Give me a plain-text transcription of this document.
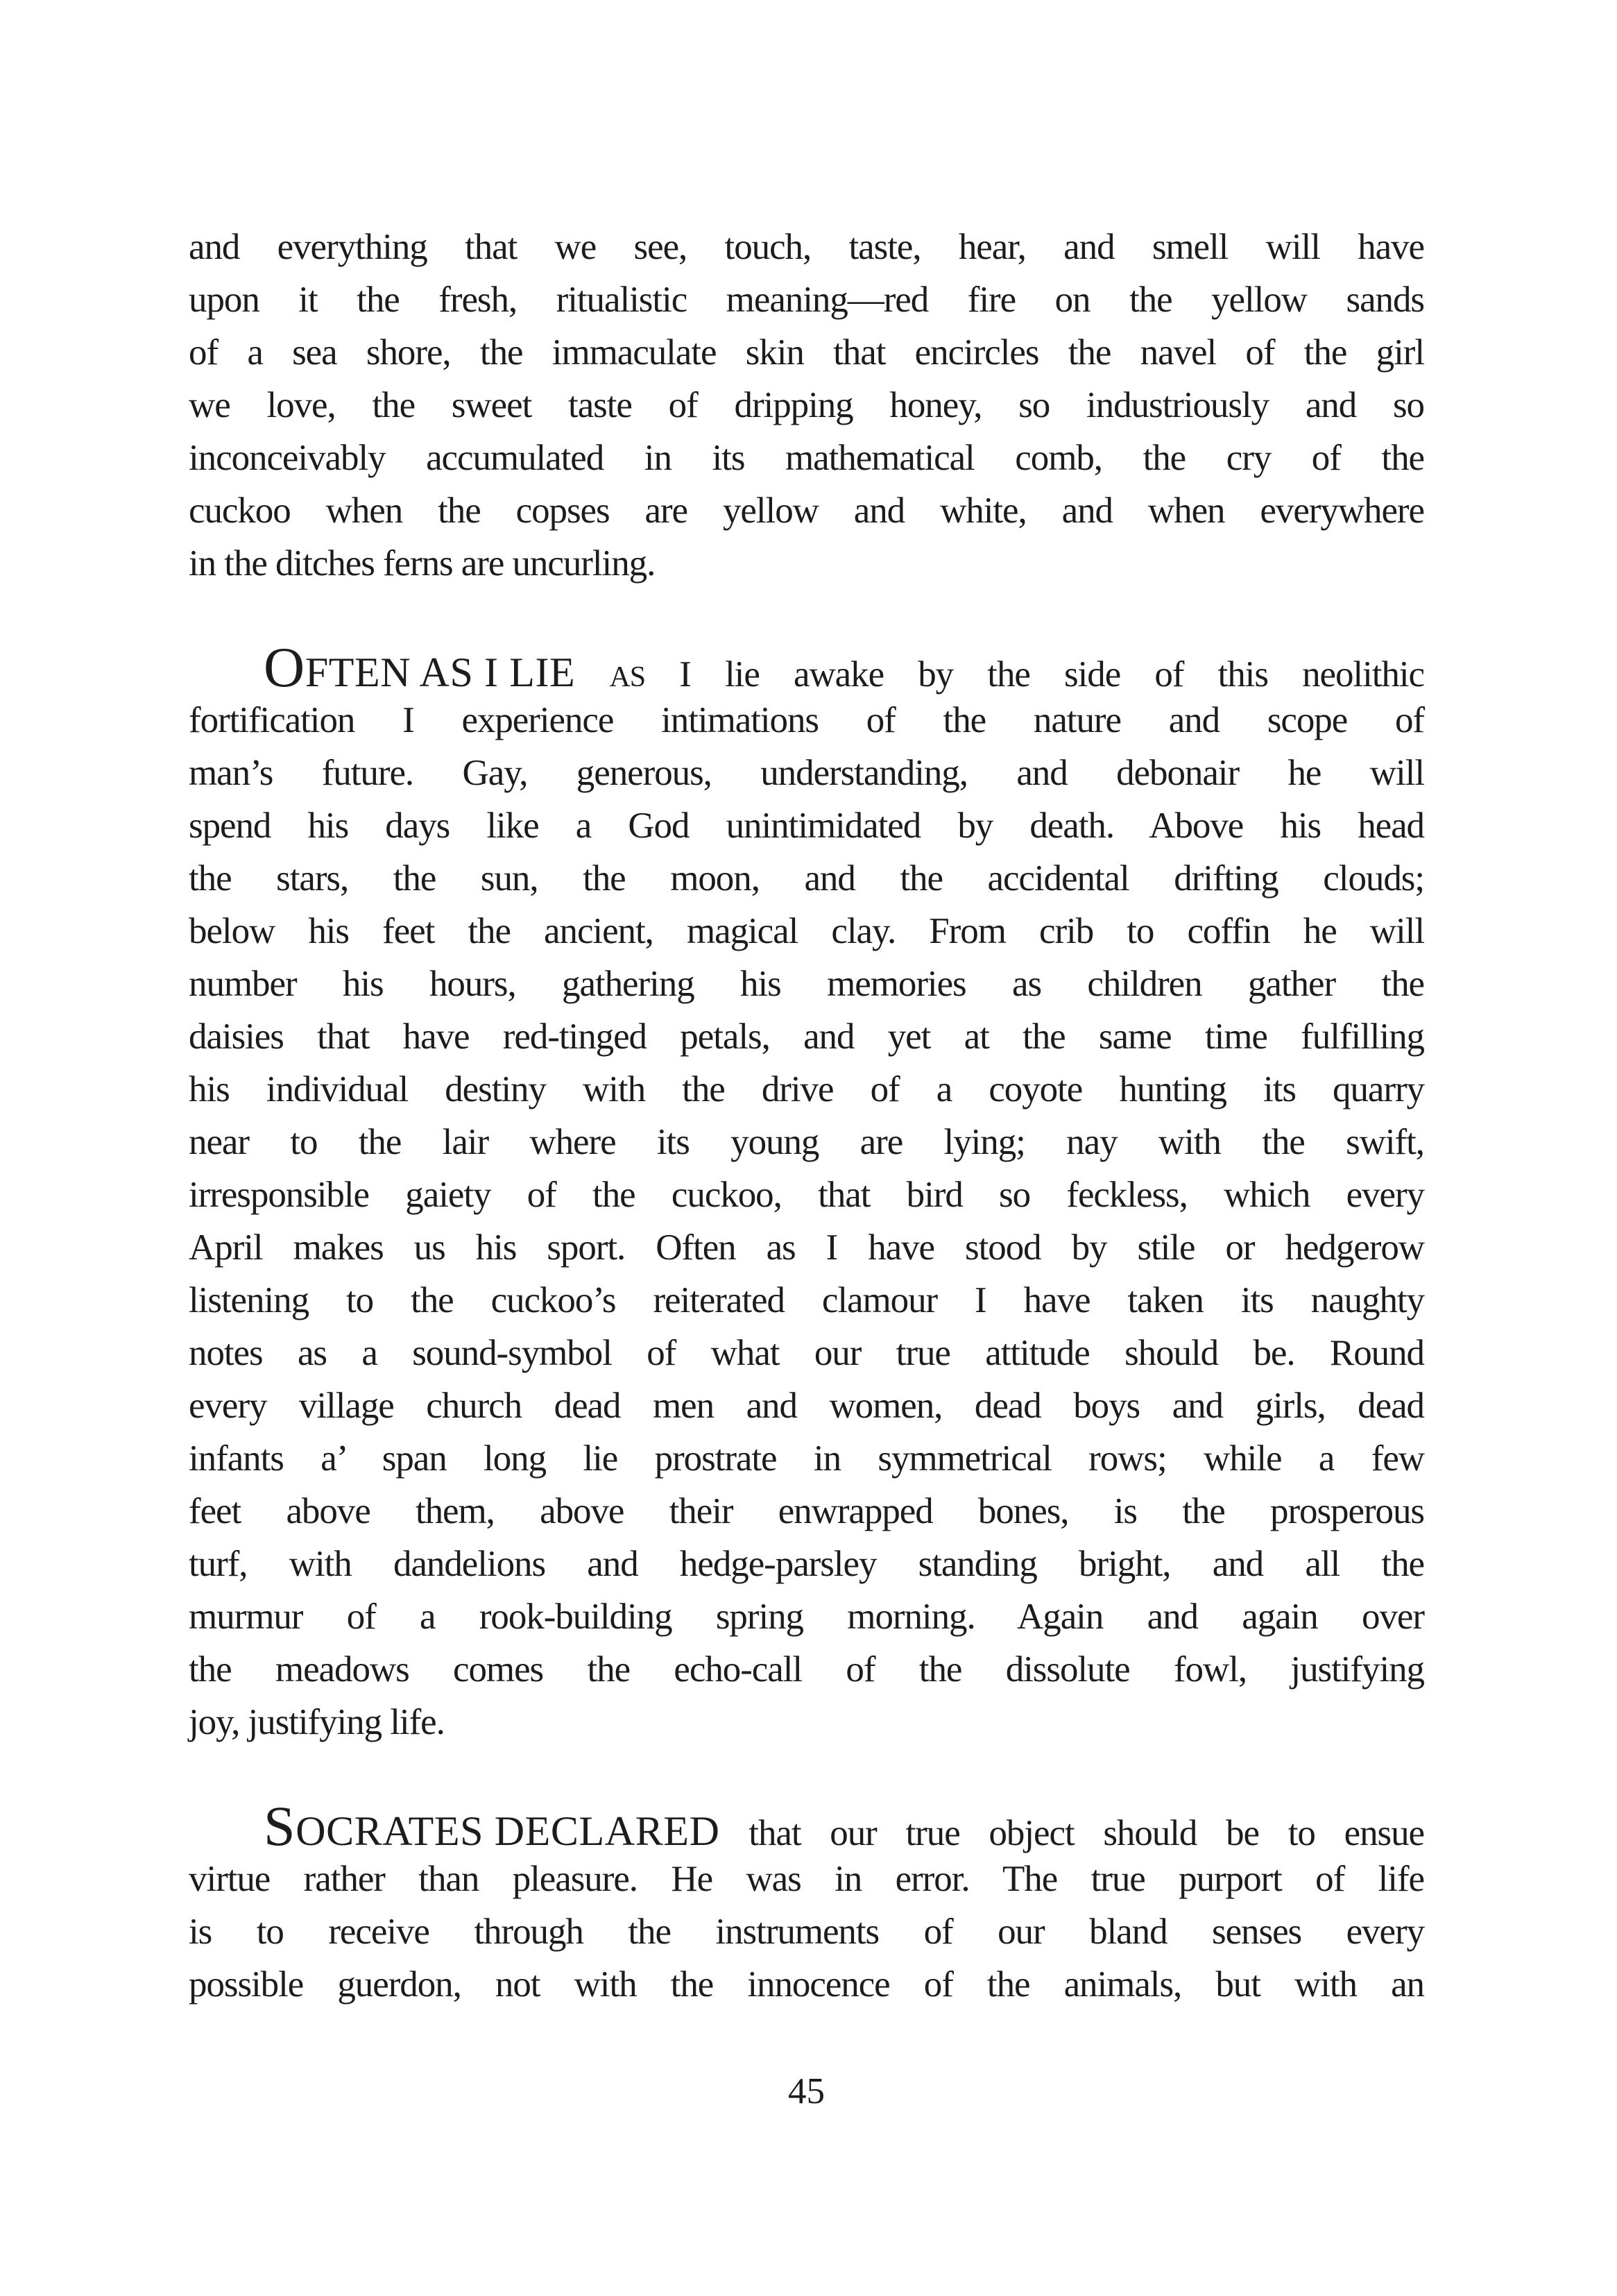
and everything that we see, touch, taste, hear, and smell will have
upon it the fresh, ritualistic meaning—red fire on the yellow sands
of a sea shore, the immaculate skin that encircles the navel of the girl
we love, the sweet taste of dripping honey, so industriously and so
inconceivably accumulated in its mathematical comb, the cry of the
cuckoo when the copses are yellow and white, and when everywhere
in the ditches ferns are uncurling.
OFTEN AS I LIE AS I lie awake by the side of this neolithic
fortification I experience intimations of the nature and scope of
man’s future. Gay, generous, understanding, and debonair he will
spend his days like a God unintimidated by death. Above his head
the stars, the sun, the moon, and the accidental drifting clouds;
below his feet the ancient, magical clay. From crib to coffin he will
number his hours, gathering his memories as children gather the
daisies that have red-tinged petals, and yet at the same time fulfilling
his individual destiny with the drive of a coyote hunting its quarry
near to the lair where its young are lying; nay with the swift,
irresponsible gaiety of the cuckoo, that bird so feckless, which every
April makes us his sport. Often as I have stood by stile or hedgerow
listening to the cuckoo’s reiterated clamour I have taken its naughty
notes as a sound-symbol of what our true attitude should be. Round
every village church dead men and women, dead boys and girls, dead
infants a’ span long lie prostrate in symmetrical rows; while a few
feet above them, above their enwrapped bones, is the prosperous
turf, with dandelions and hedge-parsley standing bright, and all the
murmur of a rook-building spring morning. Again and again over
the meadows comes the echo-call of the dissolute fowl, justifying
joy, justifying life.
SOCRATES DECLARED that our true object should be to ensue
virtue rather than pleasure. He was in error. The true purport of life
is to receive through the instruments of our bland senses every
possible guerdon, not with the innocence of the animals, but with an
45
